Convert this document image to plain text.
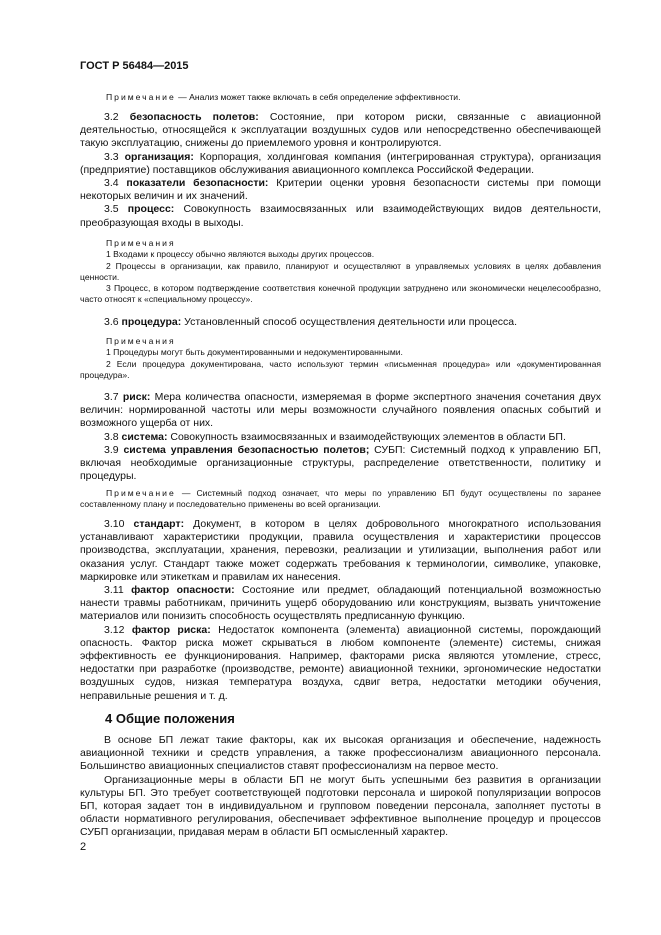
ГОСТ Р 56484—2015

Примечание — Анализ может также включать в себя определение эффективности.

3.2 безопасность полетов: Состояние, при котором риски, связанные с авиационной деятельностью, относящейся к эксплуатации воздушных судов или непосредственно обеспечивающей такую эксплуатацию, снижены до приемлемого уровня и контролируются.

3.3 организация: Корпорация, холдинговая компания (интегрированная структура), организация (предприятие) поставщиков обслуживания авиационного комплекса Российской Федерации.

3.4 показатели безопасности: Критерии оценки уровня безопасности системы при помощи некоторых величин и их значений.

3.5 процесс: Совокупность взаимосвязанных или взаимодействующих видов деятельности, преобразующая входы в выходы.

Примечания

1 Входами к процессу обычно являются выходы других процессов.

2 Процессы в организации, как правило, планируют и осуществляют в управляемых условиях в целях добавления ценности.

3 Процесс, в котором подтверждение соответствия конечной продукции затруднено или экономически нецелесообразно, часто относят к «специальному процессу».

3.6 процедура: Установленный способ осуществления деятельности или процесса.

Примечания

1 Процедуры могут быть документированными и недокументированными.

2 Если процедура документирована, часто используют термин «письменная процедура» или «документированная процедура».

3.7 риск: Мера количества опасности, измеряемая в форме экспертного значения сочетания двух величин: нормированной частоты или меры возможности случайного появления опасных событий и возможного ущерба от них.

3.8 система: Совокупность взаимосвязанных и взаимодействующих элементов в области БП.

3.9 система управления безопасностью полетов; СУБП: Системный подход к управлению БП, включая необходимые организационные структуры, распределение ответственности, политику и процедуры.

Примечание — Системный подход означает, что меры по управлению БП будут осуществлены по заранее составленному плану и последовательно применены во всей организации.

3.10 стандарт: Документ, в котором в целях добровольного многократного использования устанавливают характеристики продукции, правила осуществления и характеристики процессов производства, эксплуатации, хранения, перевозки, реализации и утилизации, выполнения работ или оказания услуг. Стандарт также может содержать требования к терминологии, символике, упаковке, маркировке или этикеткам и правилам их нанесения.

3.11 фактор опасности: Состояние или предмет, обладающий потенциальной возможностью нанести травмы работникам, причинить ущерб оборудованию или конструкциям, вызвать уничтожение материалов или понизить способность осуществлять предписанную функцию.

3.12 фактор риска: Недостаток компонента (элемента) авиационной системы, порождающий опасность. Фактор риска может скрываться в любом компоненте (элементе) системы, снижая эффективность ее функционирования. Например, факторами риска являются утомление, стресс, недостатки при разработке (производстве, ремонте) авиационной техники, эргономические недостатки воздушных судов, низкая температура воздуха, сдвиг ветра, недостатки методики обучения, неправильные решения и т. д.

4 Общие положения

В основе БП лежат такие факторы, как их высокая организация и обеспечение, надежность авиационной техники и средств управления, а также профессионализм авиационного персонала. Большинство авиационных специалистов ставят профессионализм на первое место.

Организационные меры в области БП не могут быть успешными без развития в организации культуры БП. Это требует соответствующей подготовки персонала и широкой популяризации вопросов БП, которая задает тон в индивидуальном и групповом поведении персонала, заполняет пустоты в области нормативного регулирования, обеспечивает эффективное выполнение процедур и процессов СУБП организации, придавая мерам в области БП осмысленный характер.

2
